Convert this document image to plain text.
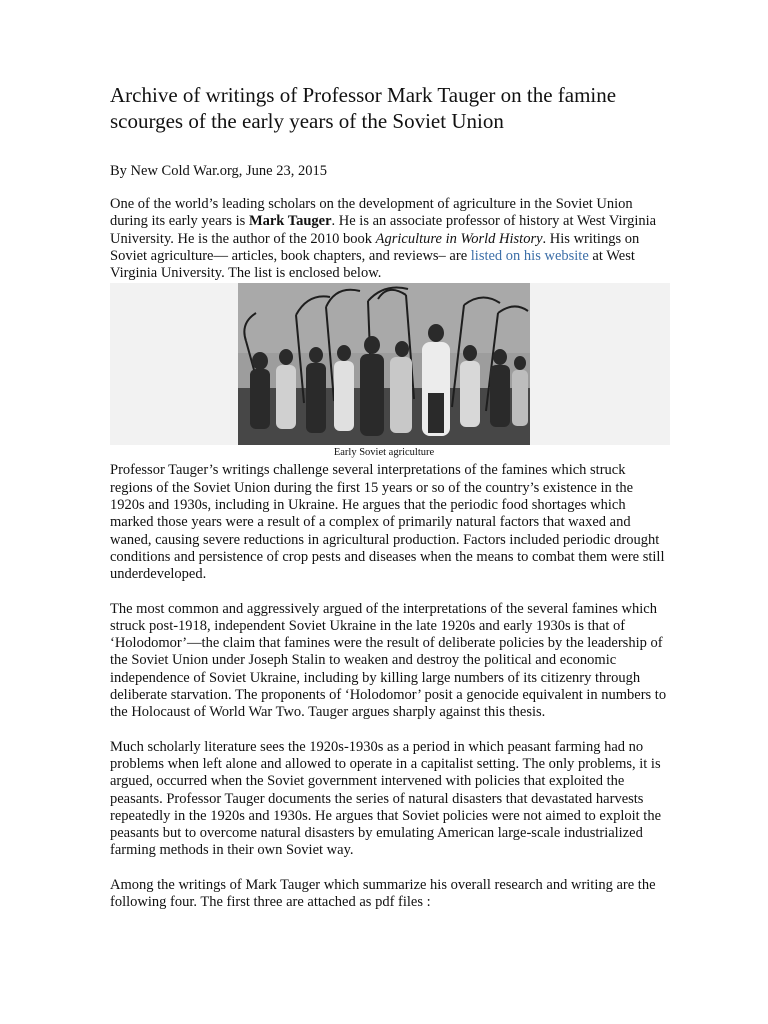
Archive of writings of Professor Mark Tauger on the famine scourges of the early years of the Soviet Union

By New Cold War.org, June 23, 2015

One of the world’s leading scholars on the development of agriculture in the Soviet Union during its early years is Mark Tauger. He is an associate professor of history at West Virginia University. He is the author of the 2010 book Agriculture in World History. His writings on Soviet agriculture— articles, book chapters, and reviews– are listed on his website at West Virginia University. The list is enclosed below.

Early Soviet agriculture

Professor Tauger’s writings challenge several interpretations of the famines which struck regions of the Soviet Union during the first 15 years or so of the country’s existence in the 1920s and 1930s, including in Ukraine. He argues that the periodic food shortages which marked those years were a result of a complex of primarily natural factors that waxed and waned, causing severe reductions in agricultural production. Factors included periodic drought conditions and persistence of crop pests and diseases when the means to combat them were still underdeveloped.

The most common and aggressively argued of the interpretations of the several famines which struck post-1918, independent Soviet Ukraine in the late 1920s and early 1930s is that of ‘Holodomor’—the claim that famines were the result of deliberate policies by the leadership of the Soviet Union under Joseph Stalin to weaken and destroy the political and economic independence of Soviet Ukraine, including by killing large numbers of its citizenry through deliberate starvation. The proponents of ‘Holodomor’ posit a genocide equivalent in numbers to the Holocaust of World War Two. Tauger argues sharply against this thesis.

Much scholarly literature sees the 1920s-1930s as a period in which peasant farming had no problems when left alone and allowed to operate in a capitalist setting. The only problems, it is argued, occurred when the Soviet government intervened with policies that exploited the peasants. Professor Tauger documents the series of natural disasters that devastated harvests repeatedly in the 1920s and 1930s. He argues that Soviet policies were not aimed to exploit the peasants but to overcome natural disasters by emulating American large-scale industrialized farming methods in their own Soviet way.

Among the writings of Mark Tauger which summarize his overall research and writing are the following four. The first three are attached as pdf files :
